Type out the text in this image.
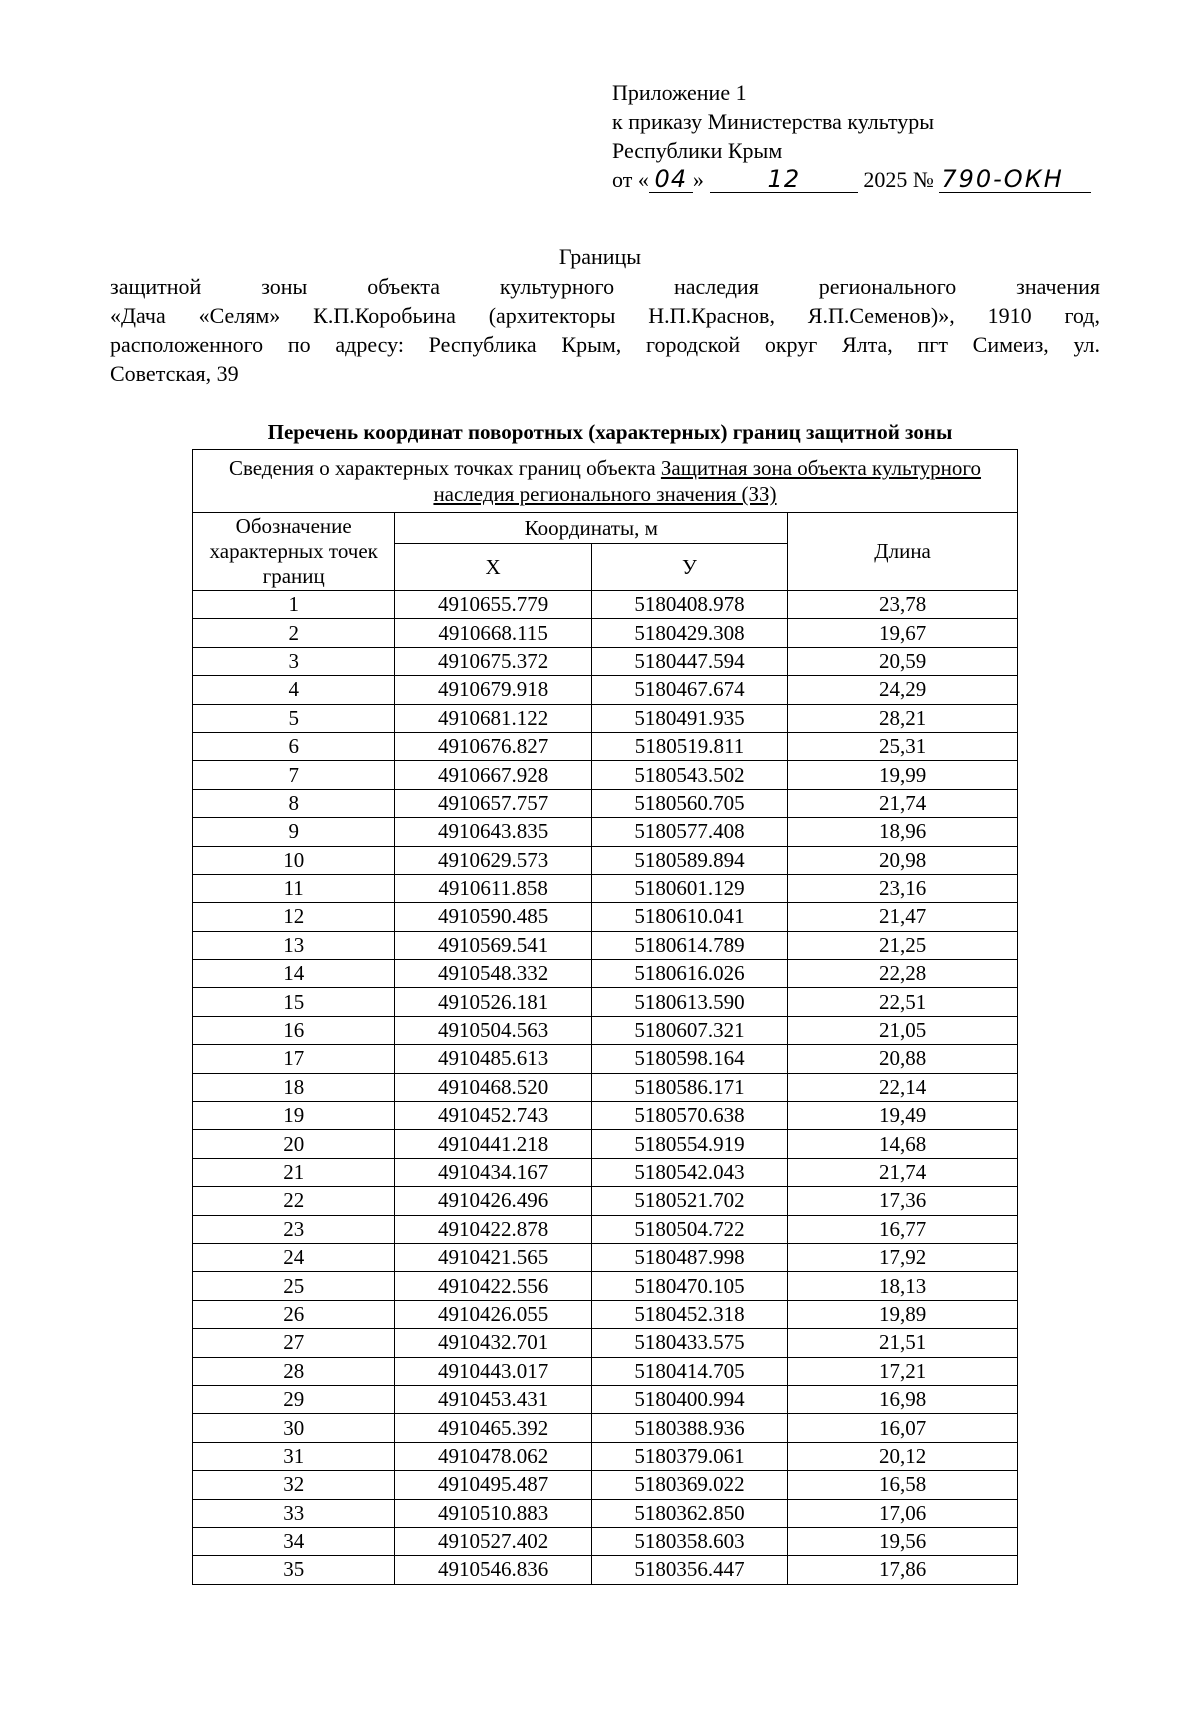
Приложение 1
к приказу Министерства культуры
Республики Крым
от « 04 »	12	2025 № 790-ОКН
Границы
защитной зоны объекта культурного наследия регионального значения
«Дача «Селям» К.П.Коробьина (архитекторы Н.П.Краснов, Я.П.Семенов)», 1910 год,
расположенного по адресу: Республика Крым, городской округ Ялта, пгт Симеиз, ул.
Советская, 39
Перечень координат поворотных (характерных) границ защитной зоны
Сведения о характерных точках границ объекта Защитная зона объекта культурного наследия регионального значения (ЗЗ)			
Обозначение характерных точек границ	Координаты, м		Длина
	X	У	
1	4910655.779	5180408.978	23,78
2	4910668.115	5180429.308	19,67
3	4910675.372	5180447.594	20,59
4	4910679.918	5180467.674	24,29
5	4910681.122	5180491.935	28,21
6	4910676.827	5180519.811	25,31
7	4910667.928	5180543.502	19,99
8	4910657.757	5180560.705	21,74
9	4910643.835	5180577.408	18,96
10	4910629.573	5180589.894	20,98
11	4910611.858	5180601.129	23,16
12	4910590.485	5180610.041	21,47
13	4910569.541	5180614.789	21,25
14	4910548.332	5180616.026	22,28
15	4910526.181	5180613.590	22,51
16	4910504.563	5180607.321	21,05
17	4910485.613	5180598.164	20,88
18	4910468.520	5180586.171	22,14
19	4910452.743	5180570.638	19,49
20	4910441.218	5180554.919	14,68
21	4910434.167	5180542.043	21,74
22	4910426.496	5180521.702	17,36
23	4910422.878	5180504.722	16,77
24	4910421.565	5180487.998	17,92
25	4910422.556	5180470.105	18,13
26	4910426.055	5180452.318	19,89
27	4910432.701	5180433.575	21,51
28	4910443.017	5180414.705	17,21
29	4910453.431	5180400.994	16,98
30	4910465.392	5180388.936	16,07
31	4910478.062	5180379.061	20,12
32	4910495.487	5180369.022	16,58
33	4910510.883	5180362.850	17,06
34	4910527.402	5180358.603	19,56
35	4910546.836	5180356.447	17,86
